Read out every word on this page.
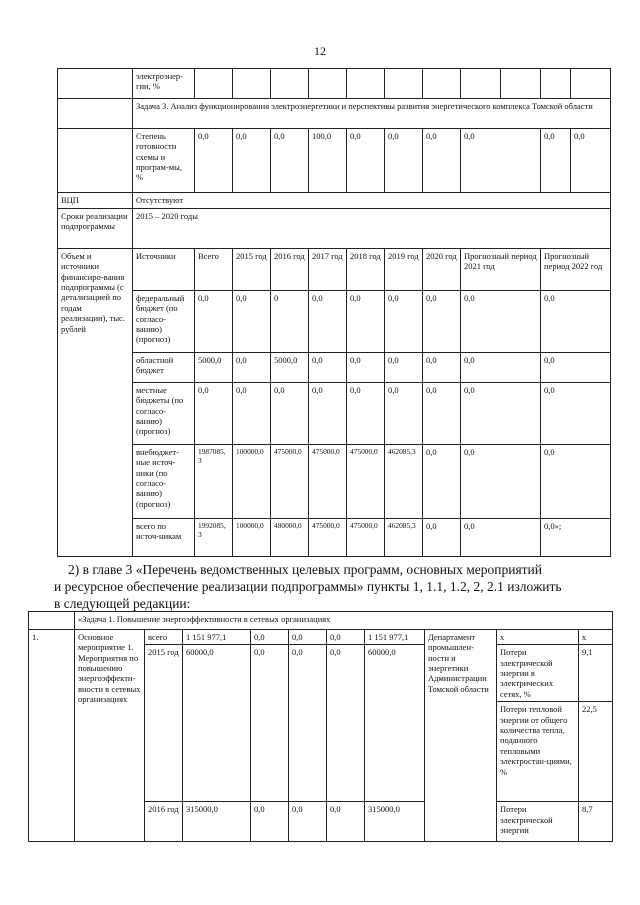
12
	электроэнер-гии, %											
	Задача 3. Анализ функционирования электроэнергетики и перспективы развития энергетического комплекса Томской области											
	Степень готовности схемы и програм-мы, %	0,0	0,0	0,0	100,0	0,0	0,0	0,0	0,0		0,0	0,0
ВЦП	Отсутствуют											
Сроки реализации подпрограммы	2015 – 2020 годы											
Объем и источники финансиро-вания подпрограммы (с детализацией по годам реализации), тыс. рублей	Источники	Всего	2015 год	2016 год	2017 год	2018 год	2019 год	2020 год	Прогнозный период 2021 год		Прогнозный период 2022 год	
	федеральный бюджет (по согласо-ванию) (прогноз)	0,0	0,0	0	0,0	0,0	0,0	0,0	0,0		0,0	
	областной бюджет	5000,0	0,0	5000,0	0,0	0,0	0,0	0,0	0,0		0,0	
	местные бюджеты (по согласо-ванию) (прогноз)	0,0	0,0	0,0	0,0	0,0	0,0	0,0	0,0		0,0	
	внебюджет-ные источ-ники (по согласо-ванию) (прогноз)	1987085,3	100000,0	475000,0	475000,0	475000,0	462085,3	0,0	0,0		0,0	
	всего по источ-никам	1992085,3	100000,0	480000,0	475000,0	475000,0	462085,3	0,0	0,0		0,0»;	
2) в главе 3 «Перечень ведомственных целевых программ, основных мероприятий
и ресурсное обеспечение реализации подпрограммы» пункты 1, 1.1, 1.2, 2, 2.1 изложить
в следующей редакции:
	«Задача 1. Повышение энергоэффективности в сетевых организациях									
1.	Основное мероприятие 1. Мероприятия по повышению энергоэффекти-вности в сетевых организациях	всего	1 151 977,1	0,0	0,0	0,0	1 151 977,1	Департамент промышлен-ности и энергетики Администрации Томской области	x	x
		2015 год	60000,0	0,0	0,0	0,0	60000,0		Потери электрической энергии в электрических сетях, %	9,1
									Потери тепловой энергии от общего количества тепла, поданного тепловыми электростан-циями, %	22,5
		2016 год	315000,0	0,0	0,0	0,0	315000,0		Потери электрической энергии	8,7
